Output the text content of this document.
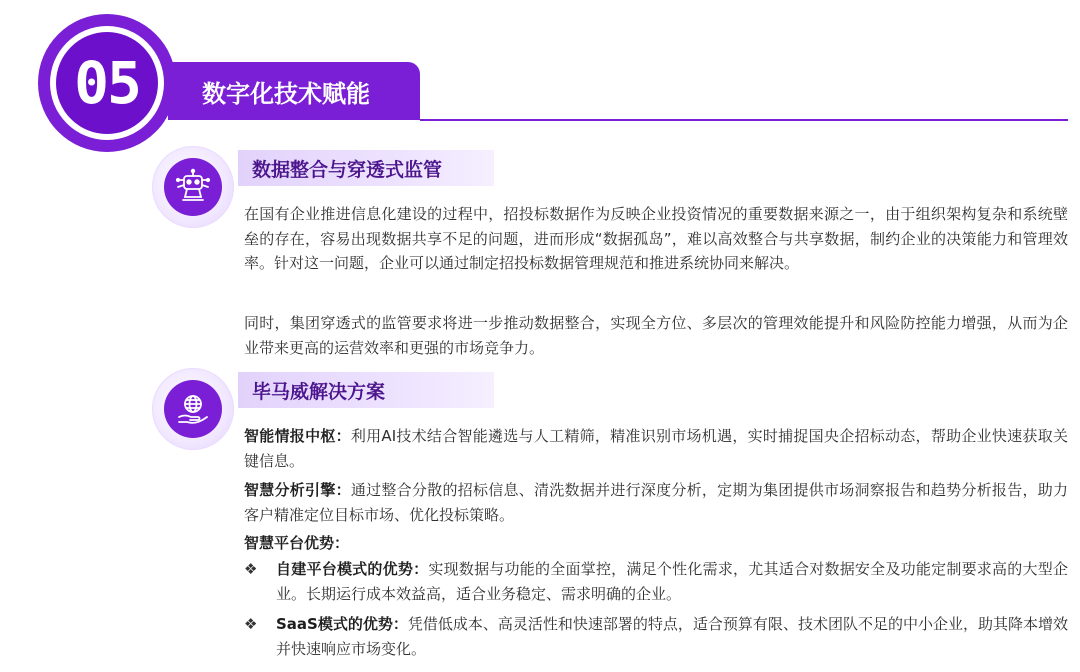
05	数字化技术赋能
数据整合与穿透式监管
在国有企业推进信息化建设的过程中，招投标数据作为反映企业投资情况的重要数据来源之一，由于组织架构复杂和系统壁垒的存在，容易出现数据共享不足的问题，进而形成“数据孤岛”，难以高效整合与共享数据，制约企业的决策能力和管理效率。针对这一问题，企业可以通过制定招投标数据管理规范和推进系统协同来解决。
同时，集团穿透式的监管要求将进一步推动数据整合，实现全方位、多层次的管理效能提升和风险防控能力增强，从而为企业带来更高的运营效率和更强的市场竞争力。
毕马威解决方案
智能情报中枢：利用AI技术结合智能遴选与人工精筛，精准识别市场机遇，实时捕捉国央企招标动态，帮助企业快速获取关键信息。
智慧分析引擎：通过整合分散的招标信息、清洗数据并进行深度分析，定期为集团提供市场洞察报告和趋势分析报告，助力客户精准定位目标市场、优化投标策略。
智慧平台优势：
❖	自建平台模式的优势：实现数据与功能的全面掌控，满足个性化需求，尤其适合对数据安全及功能定制要求高的大型企业。长期运行成本效益高，适合业务稳定、需求明确的企业。
❖	SaaS模式的优势：凭借低成本、高灵活性和快速部署的特点，适合预算有限、技术团队不足的中小企业，助其降本增效并快速响应市场变化。
